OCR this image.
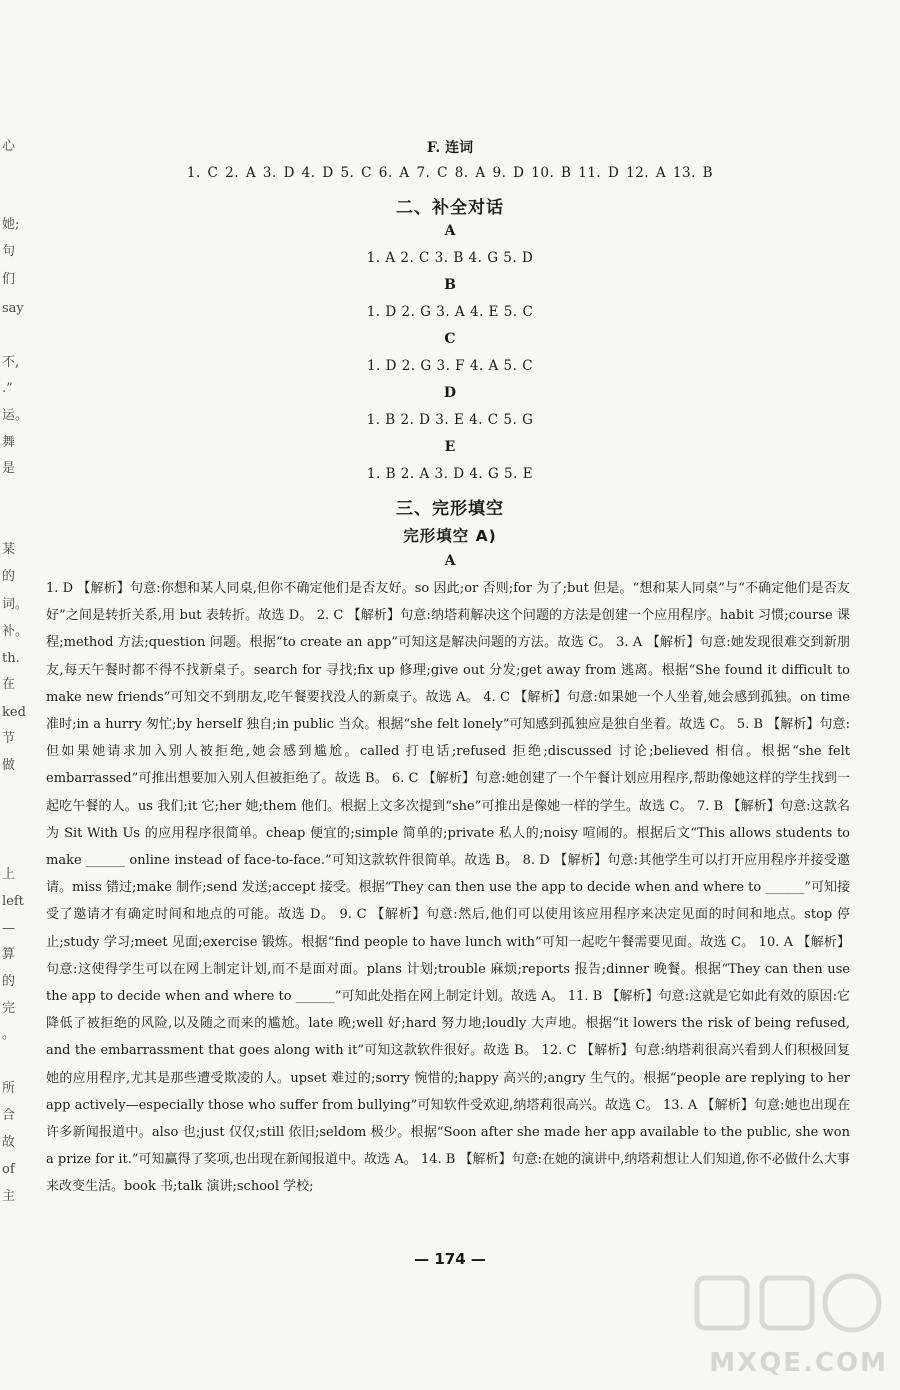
心
她;
句
们
say
不,
.”
运。
舞
是
某
的
词。
补。
th.
在
ked
节
做
上
left
—
算
的
完
。
所
合
故
of
主
F. 连词
1. C 2. A 3. D 4. D 5. C 6. A 7. C 8. A 9. D 10. B 11. D 12. A 13. B
二、补全对话
A
1. A 2. C 3. B 4. G 5. D
B
1. D 2. G 3. A 4. E 5. C
C
1. D 2. G 3. F 4. A 5. C
D
1. B 2. D 3. E 4. C 5. G
E
1. B 2. A 3. D 4. G 5. E
三、完形填空
完形填空 A)
A

1. D 【解析】句意:你想和某人同桌,但你不确定他们是否友好。so 因此;or 否则;for 为了;but 但是。“想和某人同桌”与“不确定他们是否友好”之间是转折关系,用 but 表转折。故选 D。 2. C 【解析】句意:纳塔莉解决这个问题的方法是创建一个应用程序。habit 习惯;course 课程;method 方法;question 问题。根据“to create an app”可知这是解决问题的方法。故选 C。 3. A 【解析】句意:她发现很难交到新朋友,每天午餐时都不得不找新桌子。search for 寻找;fix up 修理;give out 分发;get away from 逃离。根据“She found it difficult to make new friends”可知交不到朋友,吃午餐要找没人的新桌子。故选 A。 4. C 【解析】句意:如果她一个人坐着,她会感到孤独。on time 准时;in a hurry 匆忙;by herself 独自;in public 当众。根据“she felt lonely”可知感到孤独应是独自坐着。故选 C。 5. B 【解析】句意:但如果她请求加入别人被拒绝,她会感到尴尬。called 打电话;refused 拒绝;discussed 讨论;believed 相信。根据“she felt embarrassed”可推出想要加入别人但被拒绝了。故选 B。 6. C 【解析】句意:她创建了一个午餐计划应用程序,帮助像她这样的学生找到一起吃午餐的人。us 我们;it 它;her 她;them 他们。根据上文多次提到“she”可推出是像她一样的学生。故选 C。 7. B 【解析】句意:这款名为 Sit With Us 的应用程序很简单。cheap 便宜的;simple 简单的;private 私人的;noisy 喧闹的。根据后文“This allows students to make ______ online instead of face-to-face.”可知这款软件很简单。故选 B。 8. D 【解析】句意:其他学生可以打开应用程序并接受邀请。miss 错过;make 制作;send 发送;accept 接受。根据“They can then use the app to decide when and where to ______”可知接受了邀请才有确定时间和地点的可能。故选 D。 9. C 【解析】句意:然后,他们可以使用该应用程序来决定见面的时间和地点。stop 停止;study 学习;meet 见面;exercise 锻炼。根据“find people to have lunch with”可知一起吃午餐需要见面。故选 C。 10. A 【解析】句意:这使得学生可以在网上制定计划,而不是面对面。plans 计划;trouble 麻烦;reports 报告;dinner 晚餐。根据“They can then use the app to decide when and where to ______”可知此处指在网上制定计划。故选 A。 11. B 【解析】句意:这就是它如此有效的原因:它降低了被拒绝的风险,以及随之而来的尴尬。late 晚;well 好;hard 努力地;loudly 大声地。根据“it lowers the risk of being refused, and the embarrassment that goes along with it”可知这款软件很好。故选 B。 12. C 【解析】句意:纳塔莉很高兴看到人们积极回复她的应用程序,尤其是那些遭受欺凌的人。upset 难过的;sorry 惋惜的;happy 高兴的;angry 生气的。根据“people are replying to her app actively—especially those who suffer from bullying”可知软件受欢迎,纳塔莉很高兴。故选 C。 13. A 【解析】句意:她也出现在许多新闻报道中。also 也;just 仅仅;still 依旧;seldom 极少。根据“Soon after she made her app available to the public, she won a prize for it.”可知赢得了奖项,也出现在新闻报道中。故选 A。 14. B 【解析】句意:在她的演讲中,纳塔莉想让人们知道,你不必做什么大事来改变生活。book 书;talk 演讲;school 学校;

— 174 —
MXQE.COM
